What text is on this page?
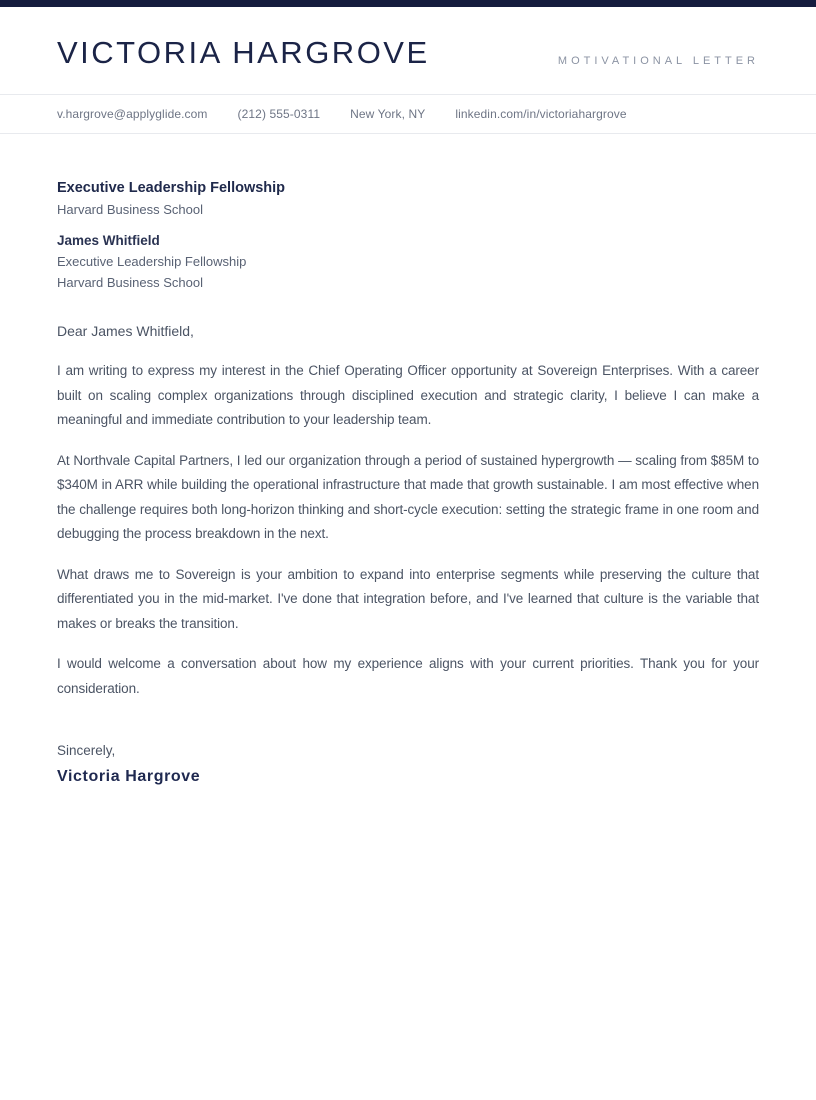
VICTORIA HARGROVE	MOTIVATIONAL LETTER
v.hargrove@applyglide.com	(212) 555-0311	New York, NY	linkedin.com/in/victoriahargrove
Executive Leadership Fellowship
Harvard Business School
James Whitfield
Executive Leadership Fellowship
Harvard Business School
Dear James Whitfield,

I am writing to express my interest in the Chief Operating Officer opportunity at Sovereign Enterprises. With a career built on scaling complex organizations through disciplined execution and strategic clarity, I believe I can make a meaningful and immediate contribution to your leadership team.

At Northvale Capital Partners, I led our organization through a period of sustained hypergrowth — scaling from $85M to $340M in ARR while building the operational infrastructure that made that growth sustainable. I am most effective when the challenge requires both long-horizon thinking and short-cycle execution: setting the strategic frame in one room and debugging the process breakdown in the next.

What draws me to Sovereign is your ambition to expand into enterprise segments while preserving the culture that differentiated you in the mid-market. I've done that integration before, and I've learned that culture is the variable that makes or breaks the transition.

I would welcome a conversation about how my experience aligns with your current priorities. Thank you for your consideration.

Sincerely,
Victoria Hargrove
